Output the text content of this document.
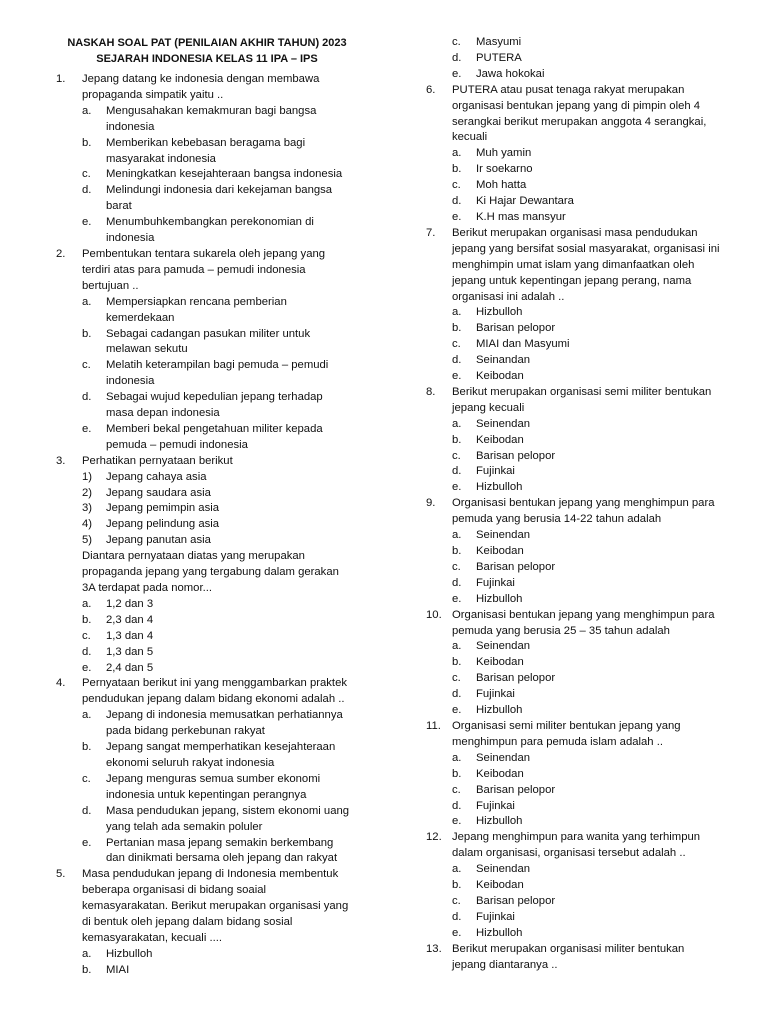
NASKAH SOAL PAT (PENILAIAN AKHIR TAHUN) 2023
SEJARAH INDONESIA KELAS 11 IPA – IPS
1. Jepang datang ke indonesia dengan membawa
propaganda simpatik yaitu ..
a. Mengusahakan kemakmuran bagi bangsa
indonesia
b. Memberikan kebebasan beragama bagi
masyarakat indonesia
c. Meningkatkan kesejahteraan bangsa indonesia
d. Melindungi indonesia dari kekejaman bangsa
barat
e. Menumbuhkembangkan perekonomian di
indonesia
2. Pembentukan tentara sukarela oleh jepang yang
terdiri atas para pamuda – pemudi indonesia
bertujuan ..
a. Mempersiapkan rencana pemberian
kemerdekaan
b. Sebagai cadangan pasukan militer untuk
melawan sekutu
c. Melatih keterampilan bagi pemuda – pemudi
indonesia
d. Sebagai wujud kepedulian jepang terhadap
masa depan indonesia
e. Memberi bekal pengetahuan militer kepada
pemuda – pemudi indonesia
3. Perhatikan pernyataan berikut
1) Jepang cahaya asia
2) Jepang saudara asia
3) Jepang pemimpin asia
4) Jepang pelindung asia
5) Jepang panutan asia
Diantara pernyataan diatas yang merupakan
propaganda jepang yang tergabung dalam gerakan
3A terdapat pada nomor...
a. 1,2 dan 3
b. 2,3 dan 4
c. 1,3 dan 4
d. 1,3 dan 5
e. 2,4 dan 5
4. Pernyataan berikut ini yang menggambarkan praktek
pendudukan jepang dalam bidang ekonomi adalah ..
a. Jepang di indonesia memusatkan perhatiannya
pada bidang perkebunan rakyat
b. Jepang sangat memperhatikan kesejahteraan
ekonomi seluruh rakyat indonesia
c. Jepang menguras semua sumber ekonomi
indonesia untuk kepentingan perangnya
d. Masa pendudukan jepang, sistem ekonomi uang
yang telah ada semakin poluler
e. Pertanian masa jepang semakin berkembang
dan dinikmati bersama oleh jepang dan rakyat
5. Masa pendudukan jepang di Indonesia membentuk
beberapa organisasi di bidang soaial
kemasyarakatan. Berikut merupakan organisasi yang
di bentuk oleh jepang dalam bidang sosial
kemasyarakatan, kecuali ....
a. Hizbulloh
b. MIAI
c. Masyumi
d. PUTERA
e. Jawa hokokai
6. PUTERA atau pusat tenaga rakyat merupakan
organisasi bentukan jepang yang di pimpin oleh 4
serangkai berikut merupakan anggota 4 serangkai,
kecuali
a. Muh yamin
b. Ir soekarno
c. Moh hatta
d. Ki Hajar Dewantara
e. K.H mas mansyur
7. Berikut merupakan organisasi masa pendudukan
jepang yang bersifat sosial masyarakat, organisasi ini
menghimpin umat islam yang dimanfaatkan oleh
jepang untuk kepentingan jepang perang, nama
organisasi ini adalah ..
a. Hizbulloh
b. Barisan pelopor
c. MIAI dan Masyumi
d. Seinandan
e. Keibodan
8. Berikut merupakan organisasi semi militer bentukan
jepang kecuali
a. Seinendan
b. Keibodan
c. Barisan pelopor
d. Fujinkai
e. Hizbulloh
9. Organisasi bentukan jepang yang menghimpun para
pemuda yang berusia 14-22 tahun adalah
a. Seinendan
b. Keibodan
c. Barisan pelopor
d. Fujinkai
e. Hizbulloh
10. Organisasi bentukan jepang yang menghimpun para
pemuda yang berusia 25 – 35 tahun adalah
a. Seinendan
b. Keibodan
c. Barisan pelopor
d. Fujinkai
e. Hizbulloh
11. Organisasi semi militer bentukan jepang yang
menghimpun para pemuda islam adalah ..
a. Seinendan
b. Keibodan
c. Barisan pelopor
d. Fujinkai
e. Hizbulloh
12. Jepang menghimpun para wanita yang terhimpun
dalam organisasi, organisasi tersebut adalah ..
a. Seinendan
b. Keibodan
c. Barisan pelopor
d. Fujinkai
e. Hizbulloh
13. Berikut merupakan organisasi militer bentukan
jepang diantaranya ..
